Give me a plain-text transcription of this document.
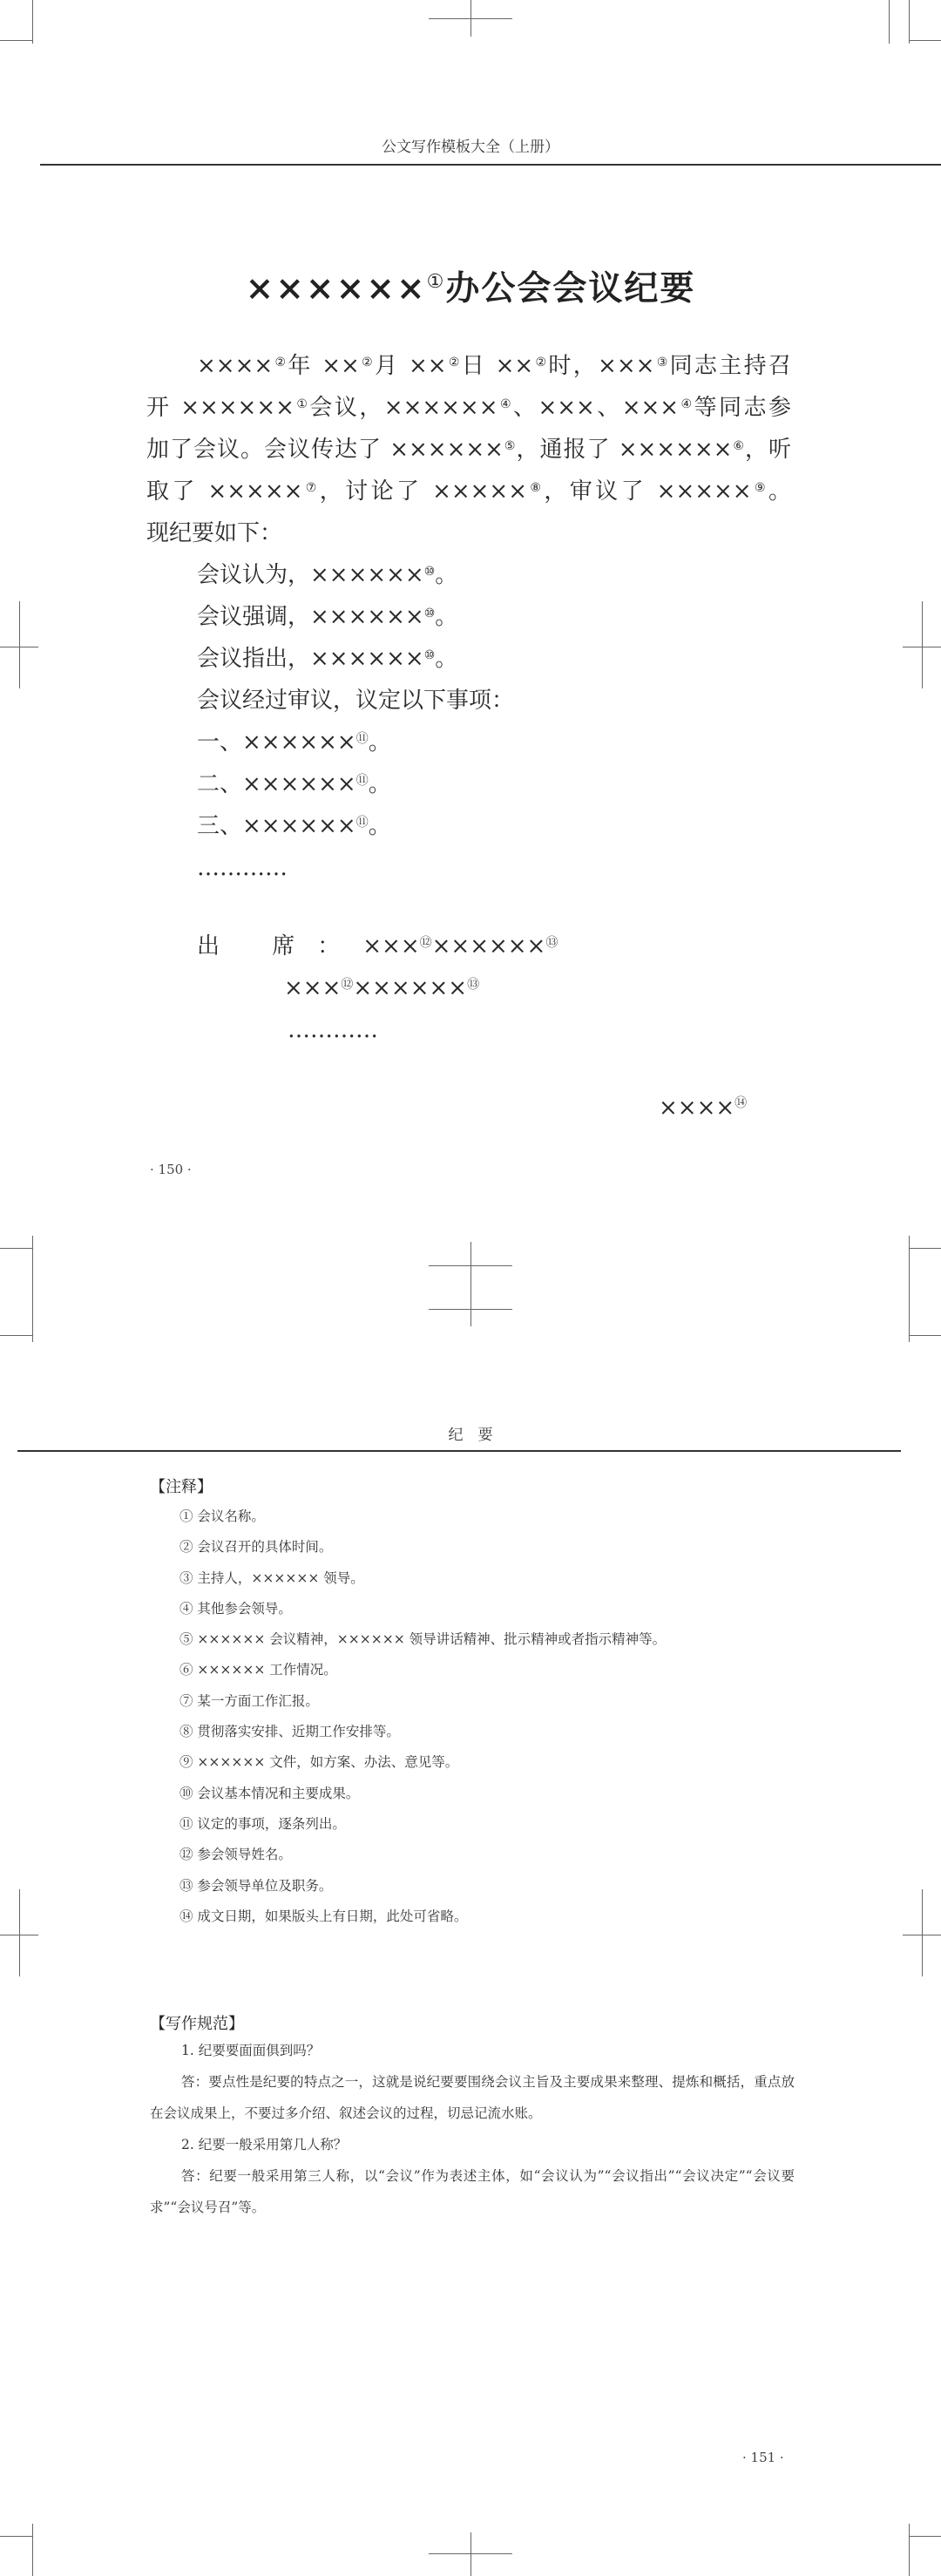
公文写作模板大全（上册）
××××××①办公会会议纪要
××××②年 ××②月 ××②日 ××②时，×××③同志主持召
开 ××××××①会议，××××××④、×××、×××④等同志参
加了会议。会议传达了 ××××××⑤，通报了 ××××××⑥，听
取了 ×××××⑦，讨论了 ×××××⑧，审议了 ×××××⑨。
现纪要如下：
会议认为，××××××⑩。
会议强调，××××××⑩。
会议指出，××××××⑩。
会议经过审议，议定以下事项：
一、××××××⑪。
二、××××××⑪。
三、××××××⑪。
…………
出 席：×××⑫××××××⑬
×××⑫××××××⑬
…………
××××⑭
· 150 ·
纪　要
【注释】
① 会议名称。
② 会议召开的具体时间。
③ 主持人，×××××× 领导。
④ 其他参会领导。
⑤ ×××××× 会议精神，×××××× 领导讲话精神、批示精神或者指示精神等。
⑥ ×××××× 工作情况。
⑦ 某一方面工作汇报。
⑧ 贯彻落实安排、近期工作安排等。
⑨ ×××××× 文件，如方案、办法、意见等。
⑩ 会议基本情况和主要成果。
⑪ 议定的事项，逐条列出。
⑫ 参会领导姓名。
⑬ 参会领导单位及职务。
⑭ 成文日期，如果版头上有日期，此处可省略。
【写作规范】
1. 纪要要面面俱到吗？
答：要点性是纪要的特点之一，这就是说纪要要围绕会议主旨及主要成果来整理、提炼和概括，重点放在会议成果上，不要过多介绍、叙述会议的过程，切忌记流水账。
2. 纪要一般采用第几人称？
答：纪要一般采用第三人称，以“会议”作为表述主体，如“会议认为”“会议指出”“会议决定”“会议要求”“会议号召”等。
· 151 ·
